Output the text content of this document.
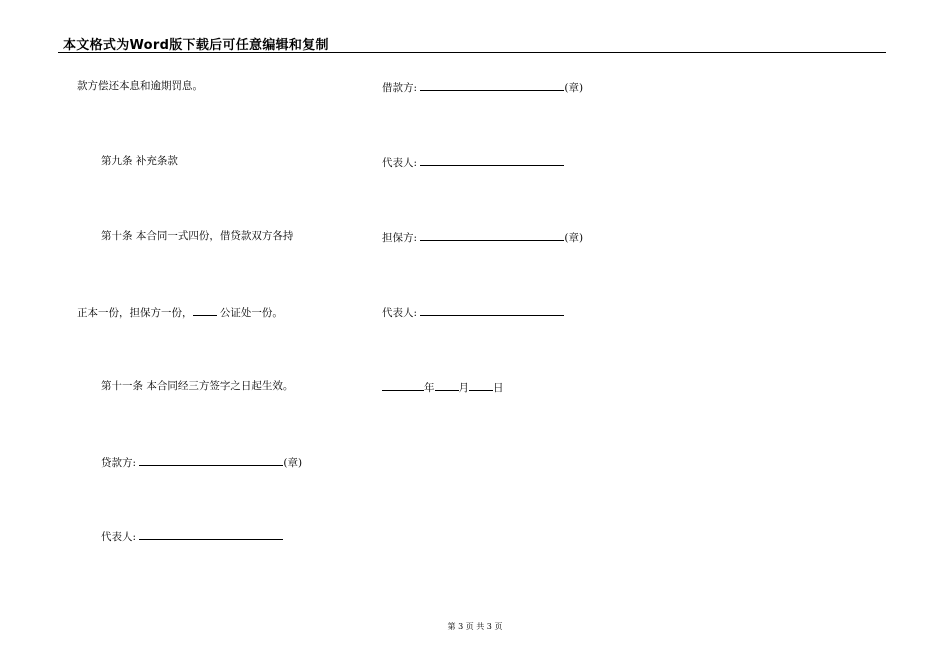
本文格式为Word版下载后可任意编辑和复制
款方偿还本息和逾期罚息。
第九条 补充条款
第十条 本合同一式四份，借贷款双方各持
正本一份，担保方一份， 公证处一份。
第十一条 本合同经三方签字之日起生效。
贷款方:	(章)
代表人:
借款方:	(章)
代表人:
担保方:	(章)
代表人:
年 月 日
第 3 页 共 3 页
